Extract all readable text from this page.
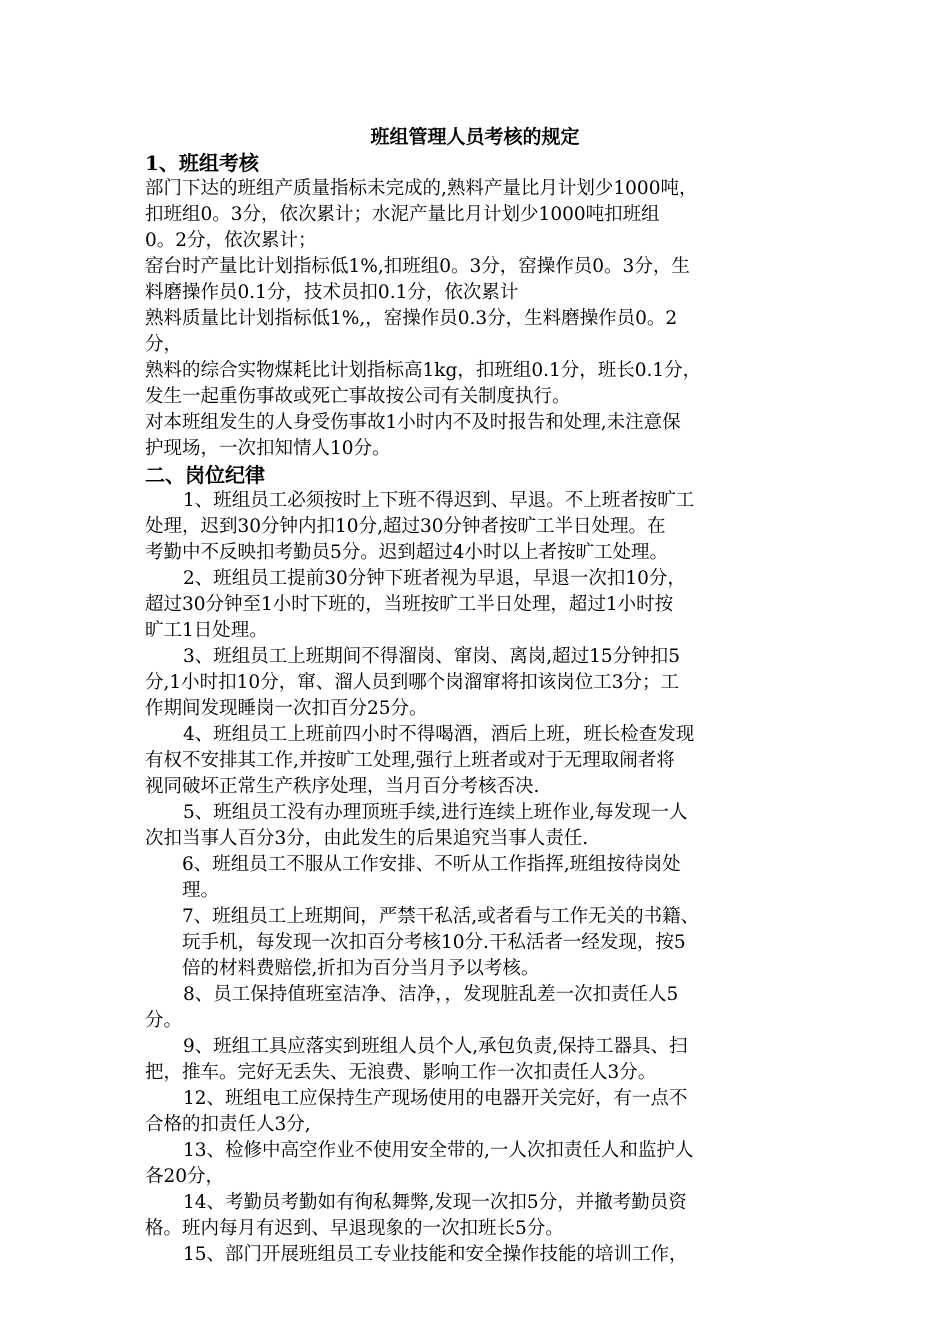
班组管理人员考核的规定
1、班组考核
部门下达的班组产质量指标未完成的,熟料产量比月计划少1000吨，
扣班组0。3分，依次累计；水泥产量比月计划少1000吨扣班组
0。2分，依次累计；
窑台时产量比计划指标低1%,扣班组0。3分，窑操作员0。3分，生
料磨操作员0.1分，技术员扣0.1分，依次累计
熟料质量比计划指标低1%,，窑操作员0.3分，生料磨操作员0。2
分，
熟料的综合实物煤耗比计划指标高1kg，扣班组0.1分，班长0.1分，
发生一起重伤事故或死亡事故按公司有关制度执行。
对本班组发生的人身受伤事故1小时内不及时报告和处理,未注意保
护现场，一次扣知情人10分。
二、岗位纪律
1、班组员工必须按时上下班不得迟到、早退。不上班者按旷工
处理，迟到30分钟内扣10分,超过30分钟者按旷工半日处理。在
考勤中不反映扣考勤员5分。迟到超过4小时以上者按旷工处理。
2、班组员工提前30分钟下班者视为早退，早退一次扣10分，
超过30分钟至1小时下班的，当班按旷工半日处理，超过1小时按
旷工1日处理。
3、班组员工上班期间不得溜岗、窜岗、离岗,超过15分钟扣5
分,1小时扣10分，窜、溜人员到哪个岗溜窜将扣该岗位工3分；工
作期间发现睡岗一次扣百分25分。
4、班组员工上班前四小时不得喝酒，酒后上班，班长检查发现
有权不安排其工作,并按旷工处理,强行上班者或对于无理取闹者将
视同破坏正常生产秩序处理，当月百分考核否决.
5、班组员工没有办理顶班手续,进行连续上班作业,每发现一人
次扣当事人百分3分，由此发生的后果追究当事人责任.
6、班组员工不服从工作安排、不听从工作指挥,班组按待岗处
理。
7、班组员工上班期间，严禁干私活,或者看与工作无关的书籍、
玩手机，每发现一次扣百分考核10分.干私活者一经发现，按5
倍的材料费赔偿,折扣为百分当月予以考核。
8、员工保持值班室洁净、洁净，，发现脏乱差一次扣责任人5
分。
9、班组工具应落实到班组人员个人,承包负责,保持工器具、扫
把，推车。完好无丢失、无浪费、影响工作一次扣责任人3分。
12、班组电工应保持生产现场使用的电器开关完好，有一点不
合格的扣责任人3分,
13、检修中高空作业不使用安全带的,一人次扣责任人和监护人
各20分，
14、考勤员考勤如有徇私舞弊,发现一次扣5分，并撤考勤员资
格。班内每月有迟到、早退现象的一次扣班长5分。
15、部门开展班组员工专业技能和安全操作技能的培训工作，
